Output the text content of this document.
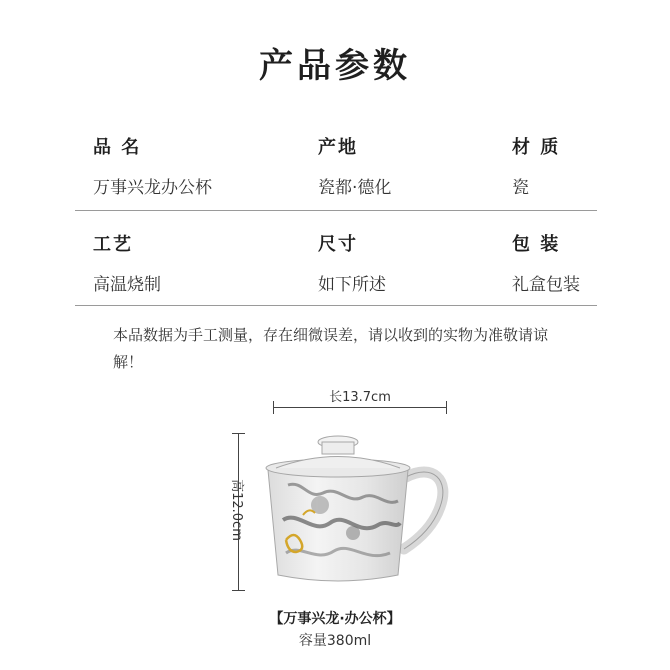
产品参数
品 名
万事兴龙办公杯
产地
瓷都·德化
材 质
瓷
工艺
高温烧制
尺寸
如下所述
包 装
礼盒包装
本品数据为手工测量，存在细微误差，请以收到的实物为准敬请谅解！
长13.7cm
高12.0cm
【万事兴龙·办公杯】
容量380ml
